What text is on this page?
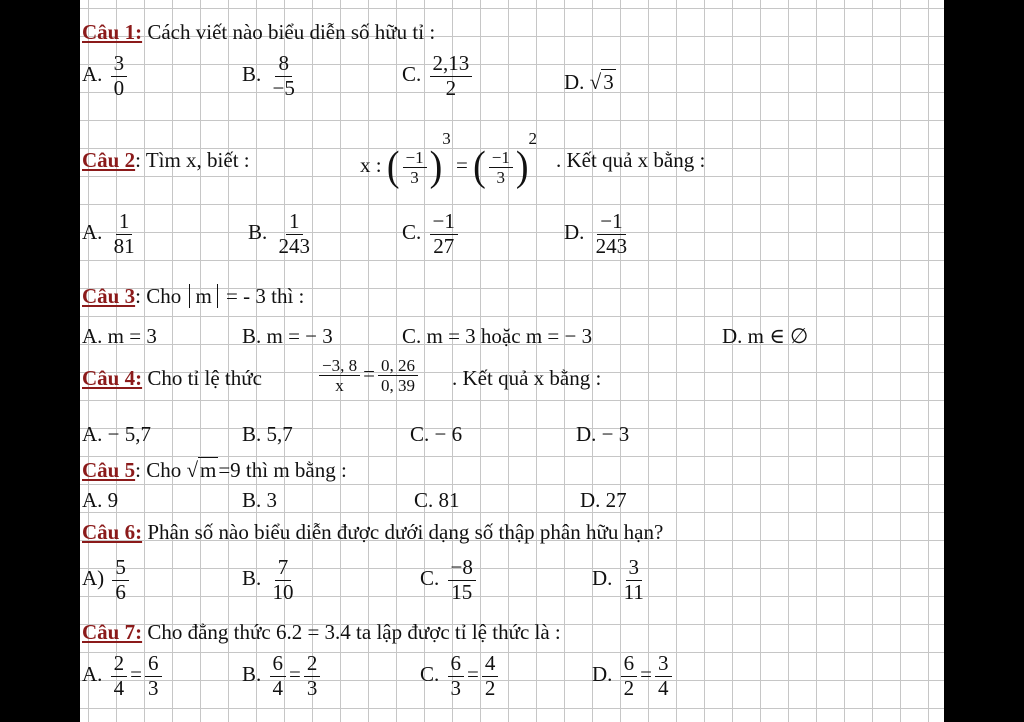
Câu 1: Cách viết nào biểu diễn số hữu tỉ :
A. $\frac{3}{0}$	B. $\frac{8}{-5}$	C. $\frac{2,13}{2}$	D. √3
Câu 2: Tìm x, biết :	x : ( $\frac{-1}{3} )^3$ = ( $\frac{-1}{3} )^2$
. Kết quả x bằng :
A. $\frac{1}{81}$	B. $\frac{1}{243}$	C. $\frac{-1}{27}$	D. $\frac{-1}{243}$
Câu 3: Cho m = - 3 thì :
A. m = 3	B. m = − 3	C. m = 3 hoặc m = − 3	D. m ∈ ∅
Câu 4: Cho tỉ lệ thức	$\frac{-3, 8}{x} = \frac{0, 26}{0, 39}$ . Kết quả x bằng :
A. − 5,7	B. 5,7	C. − 6	D. − 3
Câu 5: Cho √m=9 thì m bằng :
A. 9	B. 3	C. 81	D. 27
Câu 6: Phân số nào biểu diễn được dưới dạng số thập phân hữu hạn?
$A) \frac{5}{6}$	B. $\frac{7}{10}$	C. $\frac{-8}{15}$	D. $\frac{3}{11}$
Câu 7: Cho đẳng thức 6.2 = 3.4 ta lập được tỉ lệ thức là :
A. $\frac{2}{4} = \frac{6}{3}$	B. $\frac{6}{4} = \frac{2}{3}$	C. $\frac{6}{3} = \frac{4}{2}$	D. $\frac{6}{2} = \frac{3}{4}$
